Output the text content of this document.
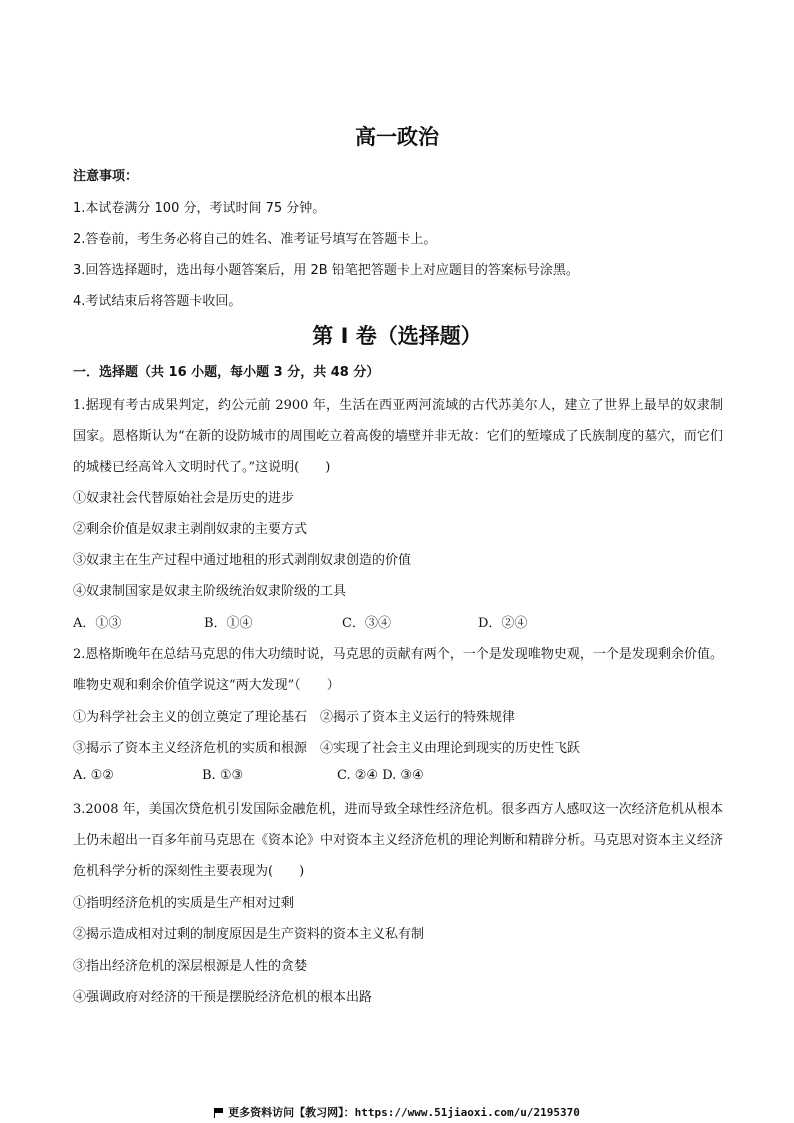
高一政治
注意事项：
1.本试卷满分 100 分，考试时间 75 分钟。
2.答卷前，考生务必将自己的姓名、准考证号填写在答题卡上。
3.回答选择题时，选出每小题答案后，用 2B 铅笔把答题卡上对应题目的答案标号涂黑。
4.考试结束后将答题卡收回。
第 I 卷（选择题）
一．选择题（共 16 小题，每小题 3 分，共 48 分）
1.据现有考古成果判定，约公元前 2900 年，生活在西亚两河流域的古代苏美尔人，建立了世界上最早的奴隶制国家。恩格斯认为“在新的设防城市的周围屹立着高俊的墙壁并非无故：它们的堑壕成了氏族制度的墓穴，而它们的城楼已经高耸入文明时代了。”这说明(　　)
①奴隶社会代替原始社会是历史的进步
②剩余价值是奴隶主剥削奴隶的主要方式
③奴隶主在生产过程中通过地租的形式剥削奴隶创造的价值
④奴隶制国家是奴隶主阶级统治奴隶阶级的工具
A．①③	B．①④	C．③④	D．②④
2.恩格斯晚年在总结马克思的伟大功绩时说，马克思的贡献有两个，一个是发现唯物史观，一个是发现剩余价值。唯物史观和剩余价值学说这“两大发现”（　　）
①为科学社会主义的创立奠定了理论基石　②揭示了资本主义运行的特殊规律
③揭示了资本主义经济危机的实质和根源　④实现了社会主义由理论到现实的历史性飞跃
A. ①②	B. ①③	C. ②④ D. ③④
3.2008 年，美国次贷危机引发国际金融危机，进而导致全球性经济危机。很多西方人感叹这一次经济危机从根本上仍未超出一百多年前马克思在《资本论》中对资本主义经济危机的理论判断和精辟分析。马克思对资本主义经济危机科学分析的深刻性主要表现为(　　)
①指明经济危机的实质是生产相对过剩
②揭示造成相对过剩的制度原因是生产资料的资本主义私有制
③指出经济危机的深层根源是人性的贪婪
④强调政府对经济的干预是摆脱经济危机的根本出路
更多资料访问【教习网】：https://www.51jiaoxi.com/u/2195370
